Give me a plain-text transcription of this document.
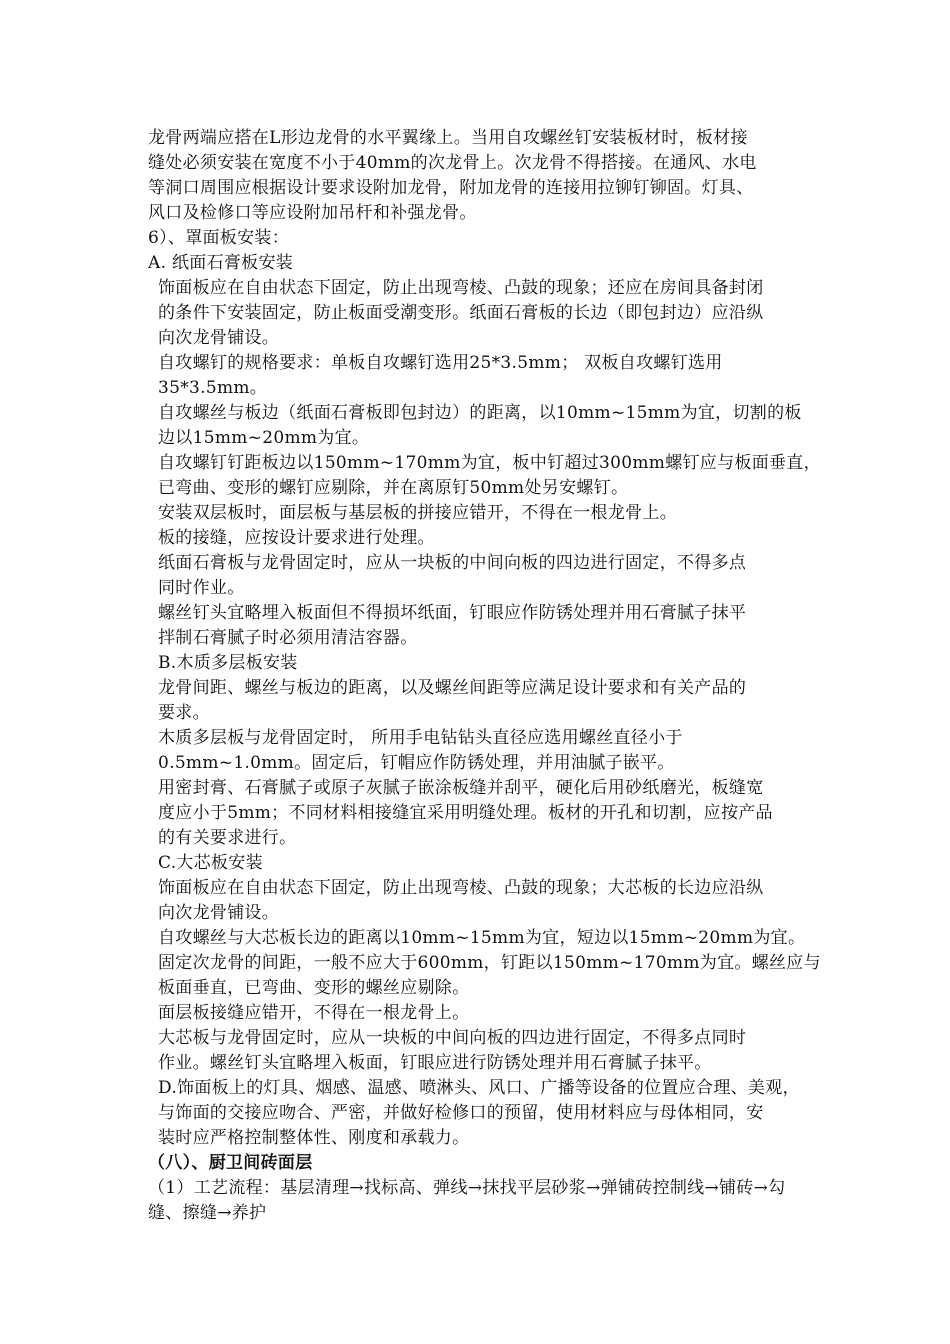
龙骨两端应搭在L形边龙骨的水平翼缘上。当用自攻螺丝钉安装板材时，板材接
缝处必须安装在宽度不小于40mm的次龙骨上。次龙骨不得搭接。在通风、水电
等洞口周围应根据设计要求设附加龙骨，附加龙骨的连接用拉铆钉铆固。灯具、
风口及检修口等应设附加吊杆和补强龙骨。
6）、罩面板安装：
A. 纸面石膏板安装
饰面板应在自由状态下固定，防止出现弯棱、凸鼓的现象；还应在房间具备封闭
的条件下安装固定，防止板面受潮变形。纸面石膏板的长边（即包封边）应沿纵
向次龙骨铺设。
自攻螺钉的规格要求：单板自攻螺钉选用25*3.5mm； 双板自攻螺钉选用
35*3.5mm。
自攻螺丝与板边（纸面石膏板即包封边）的距离，以10mm~15mm为宜，切割的板
边以15mm~20mm为宜。
自攻螺钉钉距板边以150mm~170mm为宜，板中钉超过300mm螺钉应与板面垂直，
已弯曲、变形的螺钉应剔除，并在离原钉50mm处另安螺钉。
安装双层板时，面层板与基层板的拼接应错开，不得在一根龙骨上。
板的接缝，应按设计要求进行处理。
纸面石膏板与龙骨固定时，应从一块板的中间向板的四边进行固定，不得多点
同时作业。
螺丝钉头宜略埋入板面但不得损坏纸面，钉眼应作防锈处理并用石膏腻子抹平
拌制石膏腻子时必须用清洁容器。
B.木质多层板安装
龙骨间距、螺丝与板边的距离，以及螺丝间距等应满足设计要求和有关产品的
要求。
木质多层板与龙骨固定时， 所用手电钻钻头直径应选用螺丝直径小于
0.5mm~1.0mm。固定后，钉帽应作防锈处理，并用油腻子嵌平。
用密封膏、石膏腻子或原子灰腻子嵌涂板缝并刮平，硬化后用砂纸磨光，板缝宽
度应小于5mm；不同材料相接缝宜采用明缝处理。板材的开孔和切割，应按产品
的有关要求进行。
C.大芯板安装
饰面板应在自由状态下固定，防止出现弯棱、凸鼓的现象；大芯板的长边应沿纵
向次龙骨铺设。
自攻螺丝与大芯板长边的距离以10mm~15mm为宜，短边以15mm~20mm为宜。
固定次龙骨的间距，一般不应大于600mm，钉距以150mm~170mm为宜。螺丝应与
板面垂直，已弯曲、变形的螺丝应剔除。
面层板接缝应错开，不得在一根龙骨上。
大芯板与龙骨固定时，应从一块板的中间向板的四边进行固定，不得多点同时
作业。螺丝钉头宜略埋入板面，钉眼应进行防锈处理并用石膏腻子抹平。
D.饰面板上的灯具、烟感、温感、喷淋头、风口、广播等设备的位置应合理、美观，
与饰面的交接应吻合、严密，并做好检修口的预留，使用材料应与母体相同，安
装时应严格控制整体性、刚度和承载力。
（八）、厨卫间砖面层
（1）工艺流程：基层清理→找标高、弹线→抹找平层砂浆→弹铺砖控制线→铺砖→勾
缝、擦缝→养护
